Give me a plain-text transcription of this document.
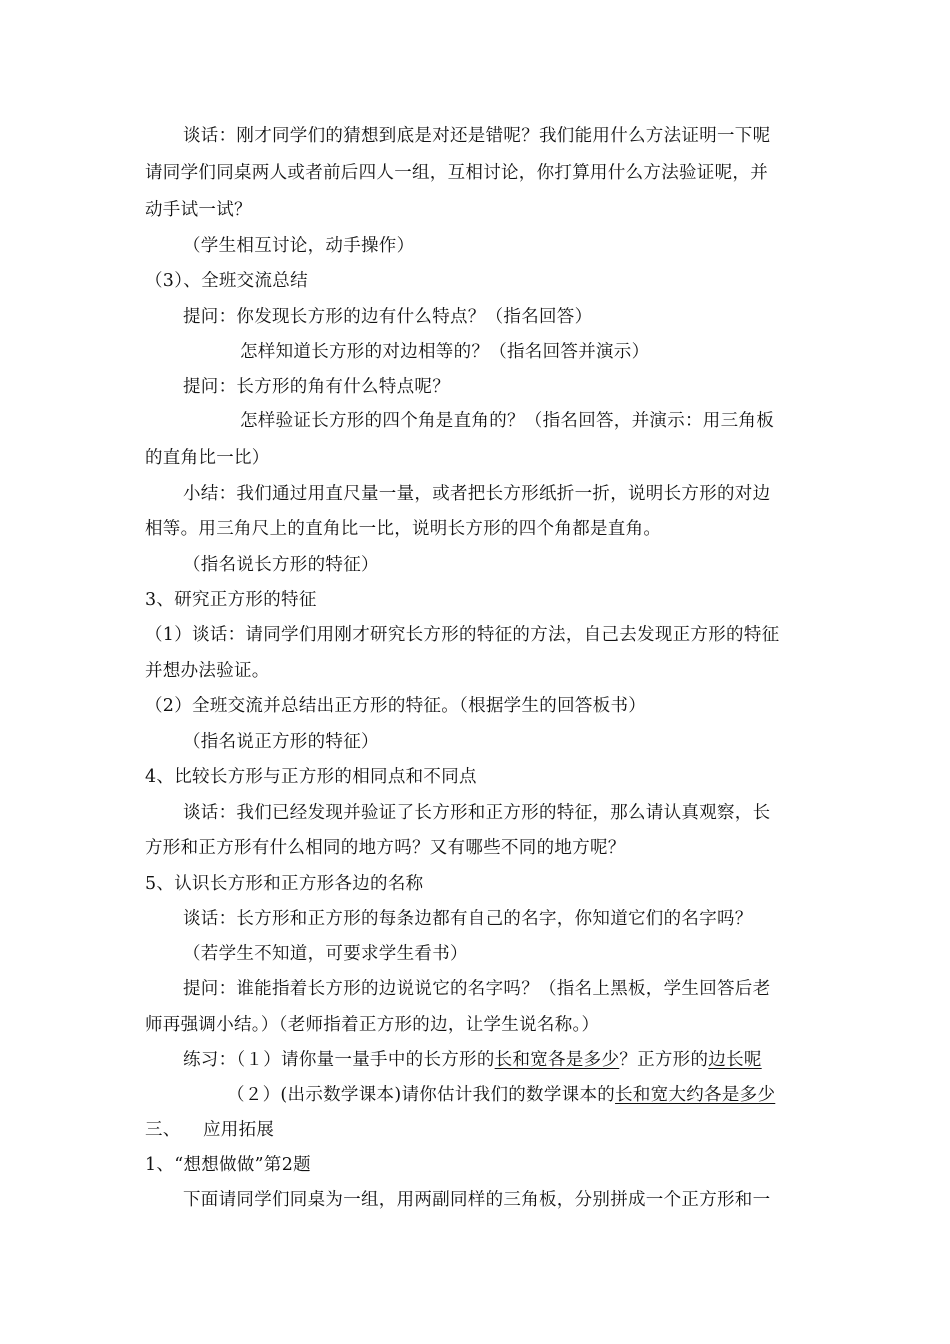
谈话：刚才同学们的猜想到底是对还是错呢？我们能用什么方法证明一下呢
请同学们同桌两人或者前后四人一组，互相讨论，你打算用什么方法验证呢，并
动手试一试？
（学生相互讨论，动手操作）
（3）、全班交流总结
提问：你发现长方形的边有什么特点？（指名回答）
怎样知道长方形的对边相等的？（指名回答并演示）
提问：长方形的角有什么特点呢？
怎样验证长方形的四个角是直角的？（指名回答，并演示：用三角板
的直角比一比）
小结：我们通过用直尺量一量，或者把长方形纸折一折，说明长方形的对边
相等。用三角尺上的直角比一比，说明长方形的四个角都是直角。
（指名说长方形的特征）
3、研究正方形的特征
（1）谈话：请同学们用刚才研究长方形的特征的方法，自己去发现正方形的特征
并想办法验证。
（2）全班交流并总结出正方形的特征。（根据学生的回答板书）
（指名说正方形的特征）
4、比较长方形与正方形的相同点和不同点
谈话：我们已经发现并验证了长方形和正方形的特征，那么请认真观察，长
方形和正方形有什么相同的地方吗？又有哪些不同的地方呢？
5、认识长方形和正方形各边的名称
谈话：长方形和正方形的每条边都有自己的名字，你知道它们的名字吗？
（若学生不知道，可要求学生看书）
提问：谁能指着长方形的边说说它的名字吗？（指名上黑板，学生回答后老
师再强调小结。）（老师指着正方形的边，让学生说名称。）
练习：（１）请你量一量手中的长方形的长和宽各是多少？正方形的边长呢
（２）(出示数学课本)请你估计我们的数学课本的长和宽大约各是多少
三、 应用拓展
1、“想想做做”第2题
下面请同学们同桌为一组，用两副同样的三角板，分别拼成一个正方形和一
